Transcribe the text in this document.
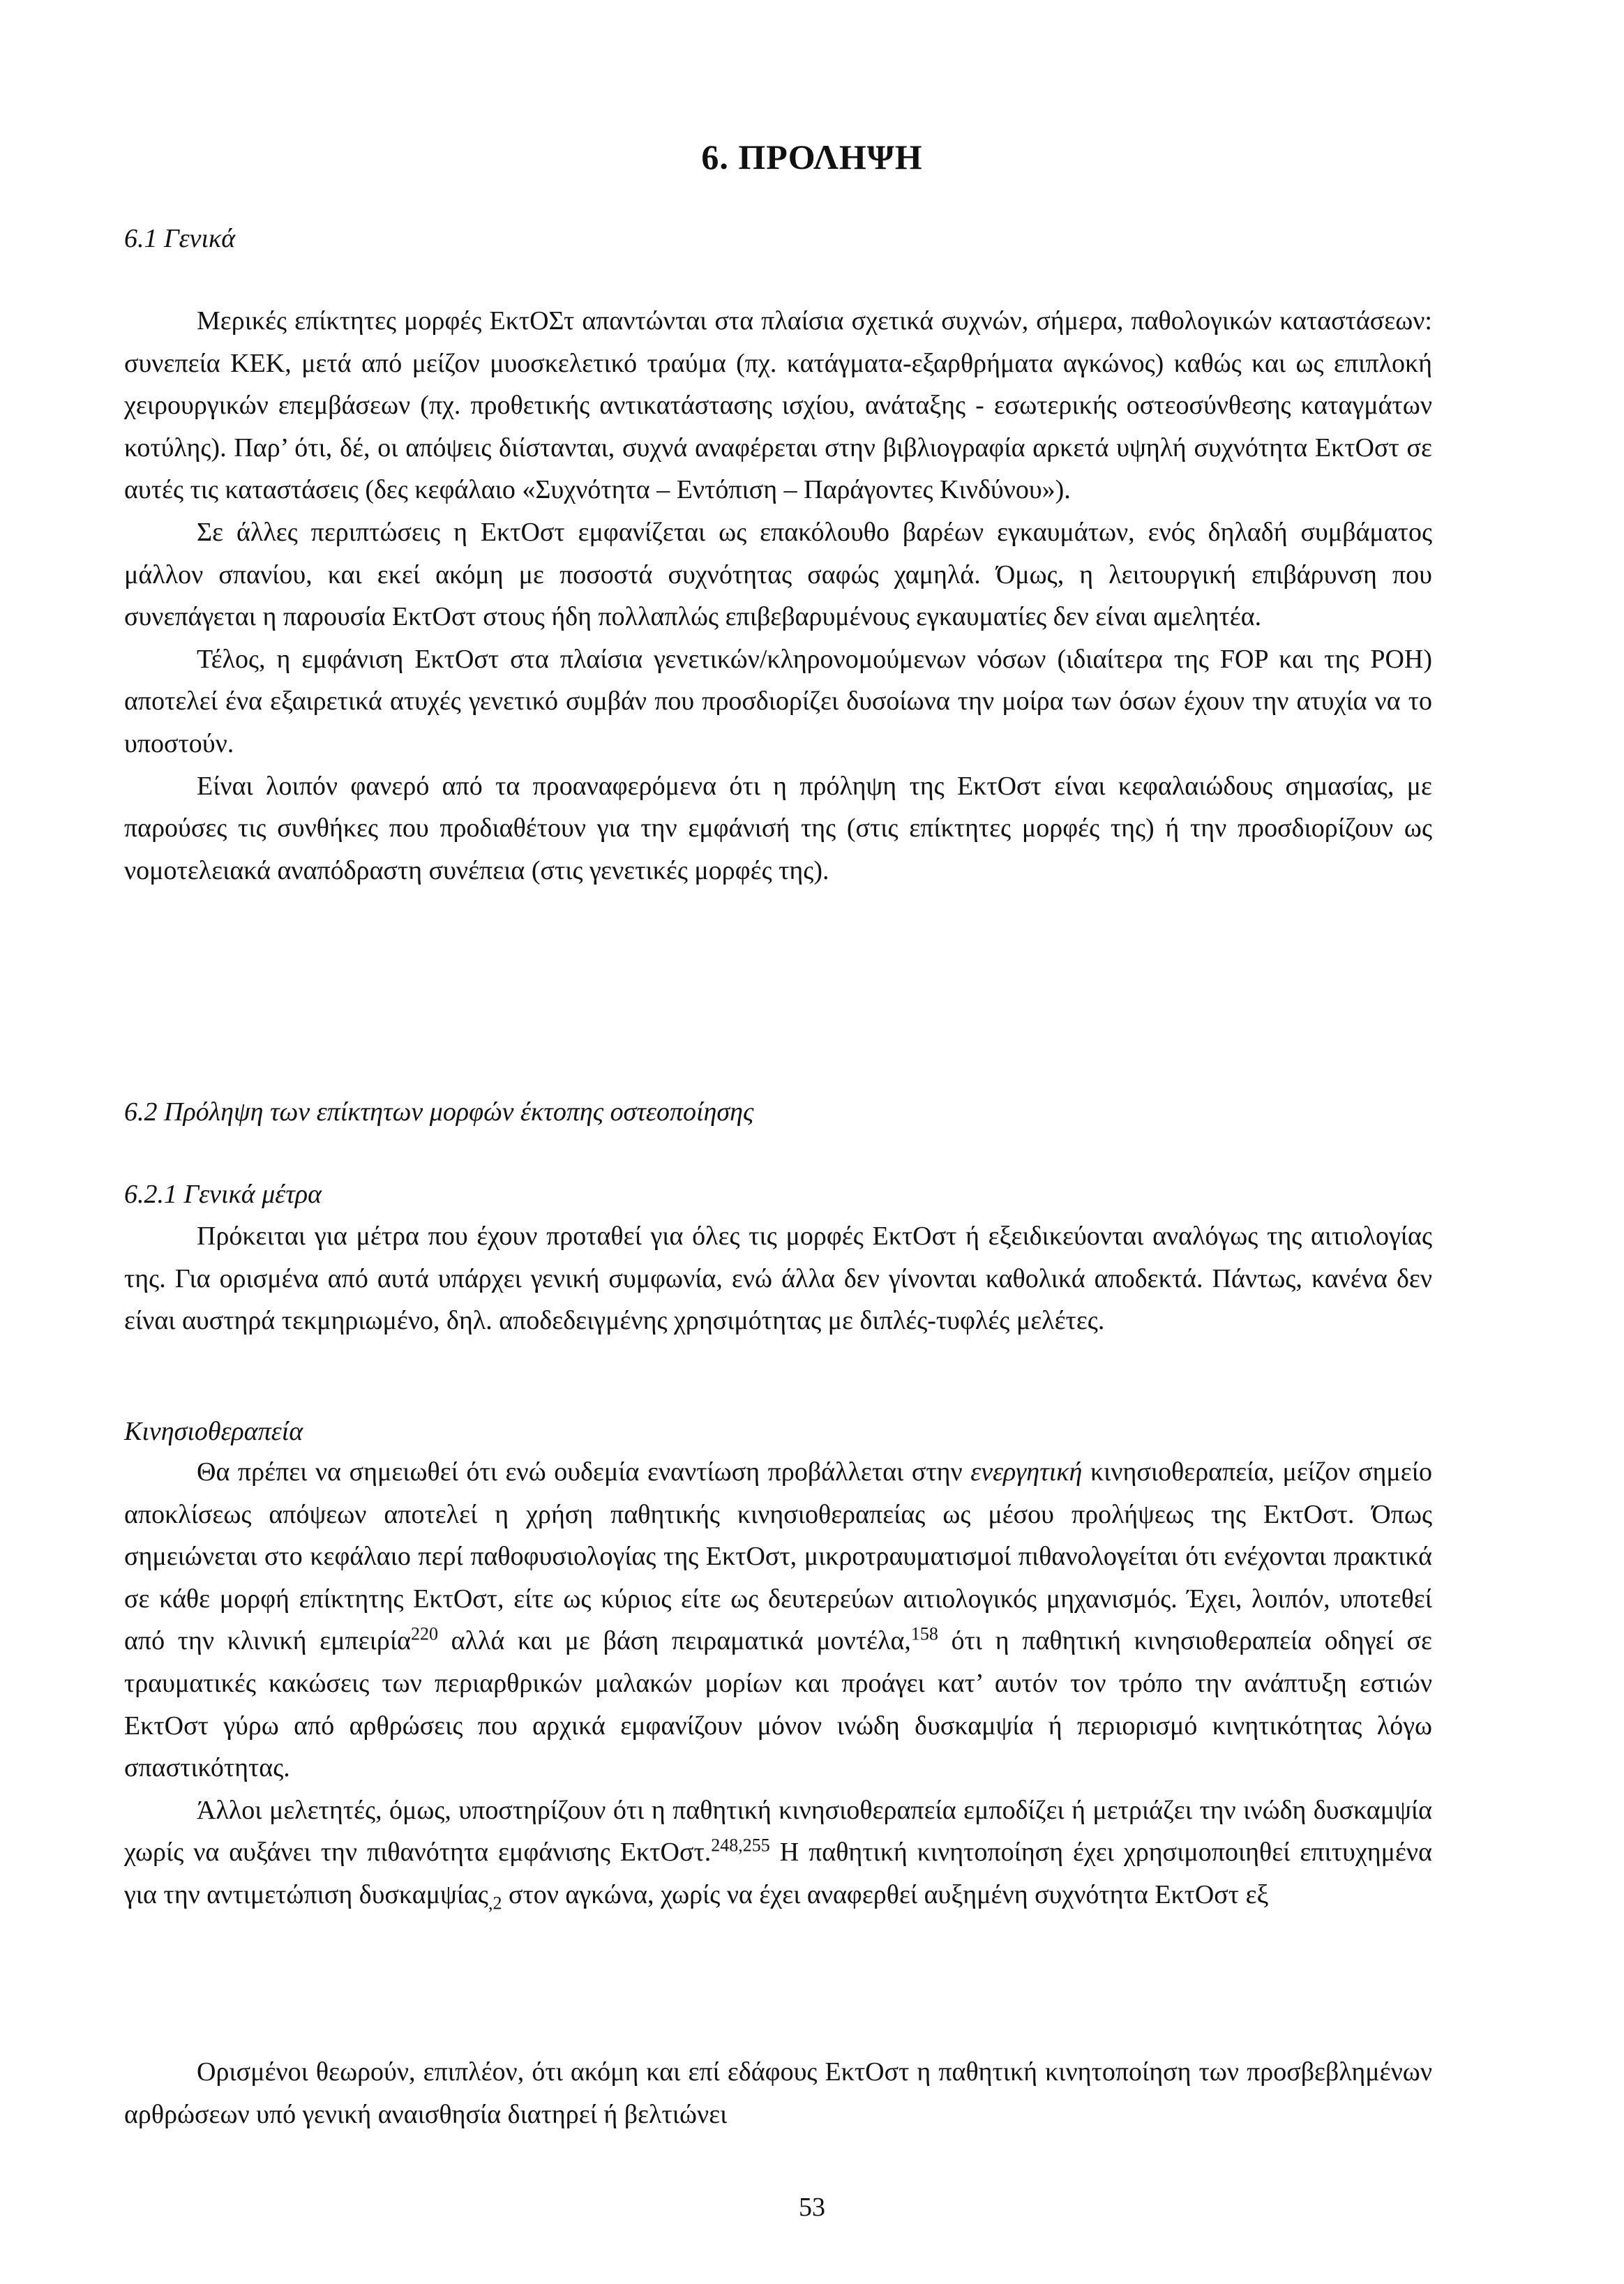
6. ΠΡΟΛΗΨΗ
6.1 Γενικά

Μερικές επίκτητες μορφές ΕκτΟΣτ απαντώνται στα πλαίσια σχετικά συχνών, σήμερα, παθολογικών καταστάσεων: συνεπεία ΚΕΚ, μετά από μείζον μυοσκελετικό τραύμα (πχ. κατάγματα-εξαρθρήματα αγκώνος) καθώς και ως επιπλοκή χειρουργικών επεμβάσεων (πχ. προθετικής αντικατάστασης ισχίου, ανάταξης - εσωτερικής οστεοσύνθεσης καταγμάτων κοτύλης). Παρ’ ότι, δέ, οι απόψεις διίστανται, συχνά αναφέρεται στην βιβλιογραφία αρκετά υψηλή συχνότητα ΕκτΟστ σε αυτές τις καταστάσεις (δες κεφάλαιο «Συχνότητα – Εντόπιση – Παράγοντες Κινδύνου»).

Σε άλλες περιπτώσεις η ΕκτΟστ εμφανίζεται ως επακόλουθο βαρέων εγκαυμάτων, ενός δηλαδή συμβάματος μάλλον σπανίου, και εκεί ακόμη με ποσοστά συχνότητας σαφώς χαμηλά. Όμως, η λειτουργική επιβάρυνση που συνεπάγεται η παρουσία ΕκτΟστ στους ήδη πολλαπλώς επιβεβαρυμένους εγκαυματίες δεν είναι αμελητέα.

Τέλος, η εμφάνιση ΕκτΟστ στα πλαίσια γενετικών/κληρονομούμενων νόσων (ιδιαίτερα της FOP και της POH) αποτελεί ένα εξαιρετικά ατυχές γενετικό συμβάν που προσδιορίζει δυσοίωνα την μοίρα των όσων έχουν την ατυχία να το υποστούν.

Είναι λοιπόν φανερό από τα προαναφερόμενα ότι η πρόληψη της ΕκτΟστ είναι κεφαλαιώδους σημασίας, με παρούσες τις συνθήκες που προδιαθέτουν για την εμφάνισή της (στις επίκτητες μορφές της) ή την προσδιορίζουν ως νομοτελειακά αναπόδραστη συνέπεια (στις γενετικές μορφές της).

6.2 Πρόληψη των επίκτητων μορφών έκτοπης οστεοποίησης
6.2.1 Γενικά μέτρα

Πρόκειται για μέτρα που έχουν προταθεί για όλες τις μορφές ΕκτΟστ ή εξειδικεύονται αναλόγως της αιτιολογίας της. Για ορισμένα από αυτά υπάρχει γενική συμφωνία, ενώ άλλα δεν γίνονται καθολικά αποδεκτά. Πάντως, κανένα δεν είναι αυστηρά τεκμηριωμένο, δηλ. αποδεδειγμένης χρησιμότητας με διπλές-τυφλές μελέτες.

Κινησιοθεραπεία

Θα πρέπει να σημειωθεί ότι ενώ ουδεμία εναντίωση προβάλλεται στην ενεργητική κινησιοθεραπεία, μείζον σημείο αποκλίσεως απόψεων αποτελεί η χρήση παθητικής κινησιοθεραπείας ως μέσου προλήψεως της ΕκτΟστ. Όπως σημειώνεται στο κεφάλαιο περί παθοφυσιολογίας της ΕκτΟστ, μικροτραυματισμοί πιθανολογείται ότι ενέχονται πρακτικά σε κάθε μορφή επίκτητης ΕκτΟστ, είτε ως κύριος είτε ως δευτερεύων αιτιολογικός μηχανισμός. Έχει, λοιπόν, υποτεθεί από την κλινική εμπειρία$^{220}$ αλλά και με βάση πειραματικά μοντέλα,$^{158}$ ότι η παθητική κινησιοθεραπεία οδηγεί σε τραυματικές κακώσεις των περιαρθρικών μαλακών μορίων και προάγει κατ’ αυτόν τον τρόπο την ανάπτυξη εστιών ΕκτΟστ γύρω από αρθρώσεις που αρχικά εμφανίζουν μόνον ινώδη δυσκαμψία ή περιορισμό κινητικότητας λόγω σπαστικότητας.

Άλλοι μελετητές, όμως, υποστηρίζουν ότι η παθητική κινησιοθεραπεία εμποδίζει ή μετριάζει την ινώδη δυσκαμψία χωρίς να αυξάνει την πιθανότητα εμφάνισης ΕκτΟστ.$^{248,255}$ Η παθητική κινητοποίηση έχει χρησιμοποιηθεί επιτυχημένα για την αντιμετώπιση δυσκαμψίας$_{,2}$ στον αγκώνα, χωρίς να έχει αναφερθεί αυξημένη συχνότητα ΕκτΟστ εξ

Ορισμένοι θεωρούν, επιπλέον, ότι ακόμη και επί εδάφους ΕκτΟστ η παθητική κινητοποίηση των προσβεβλημένων αρθρώσεων υπό γενική αναισθησία διατηρεί ή βελτιώνει

53
